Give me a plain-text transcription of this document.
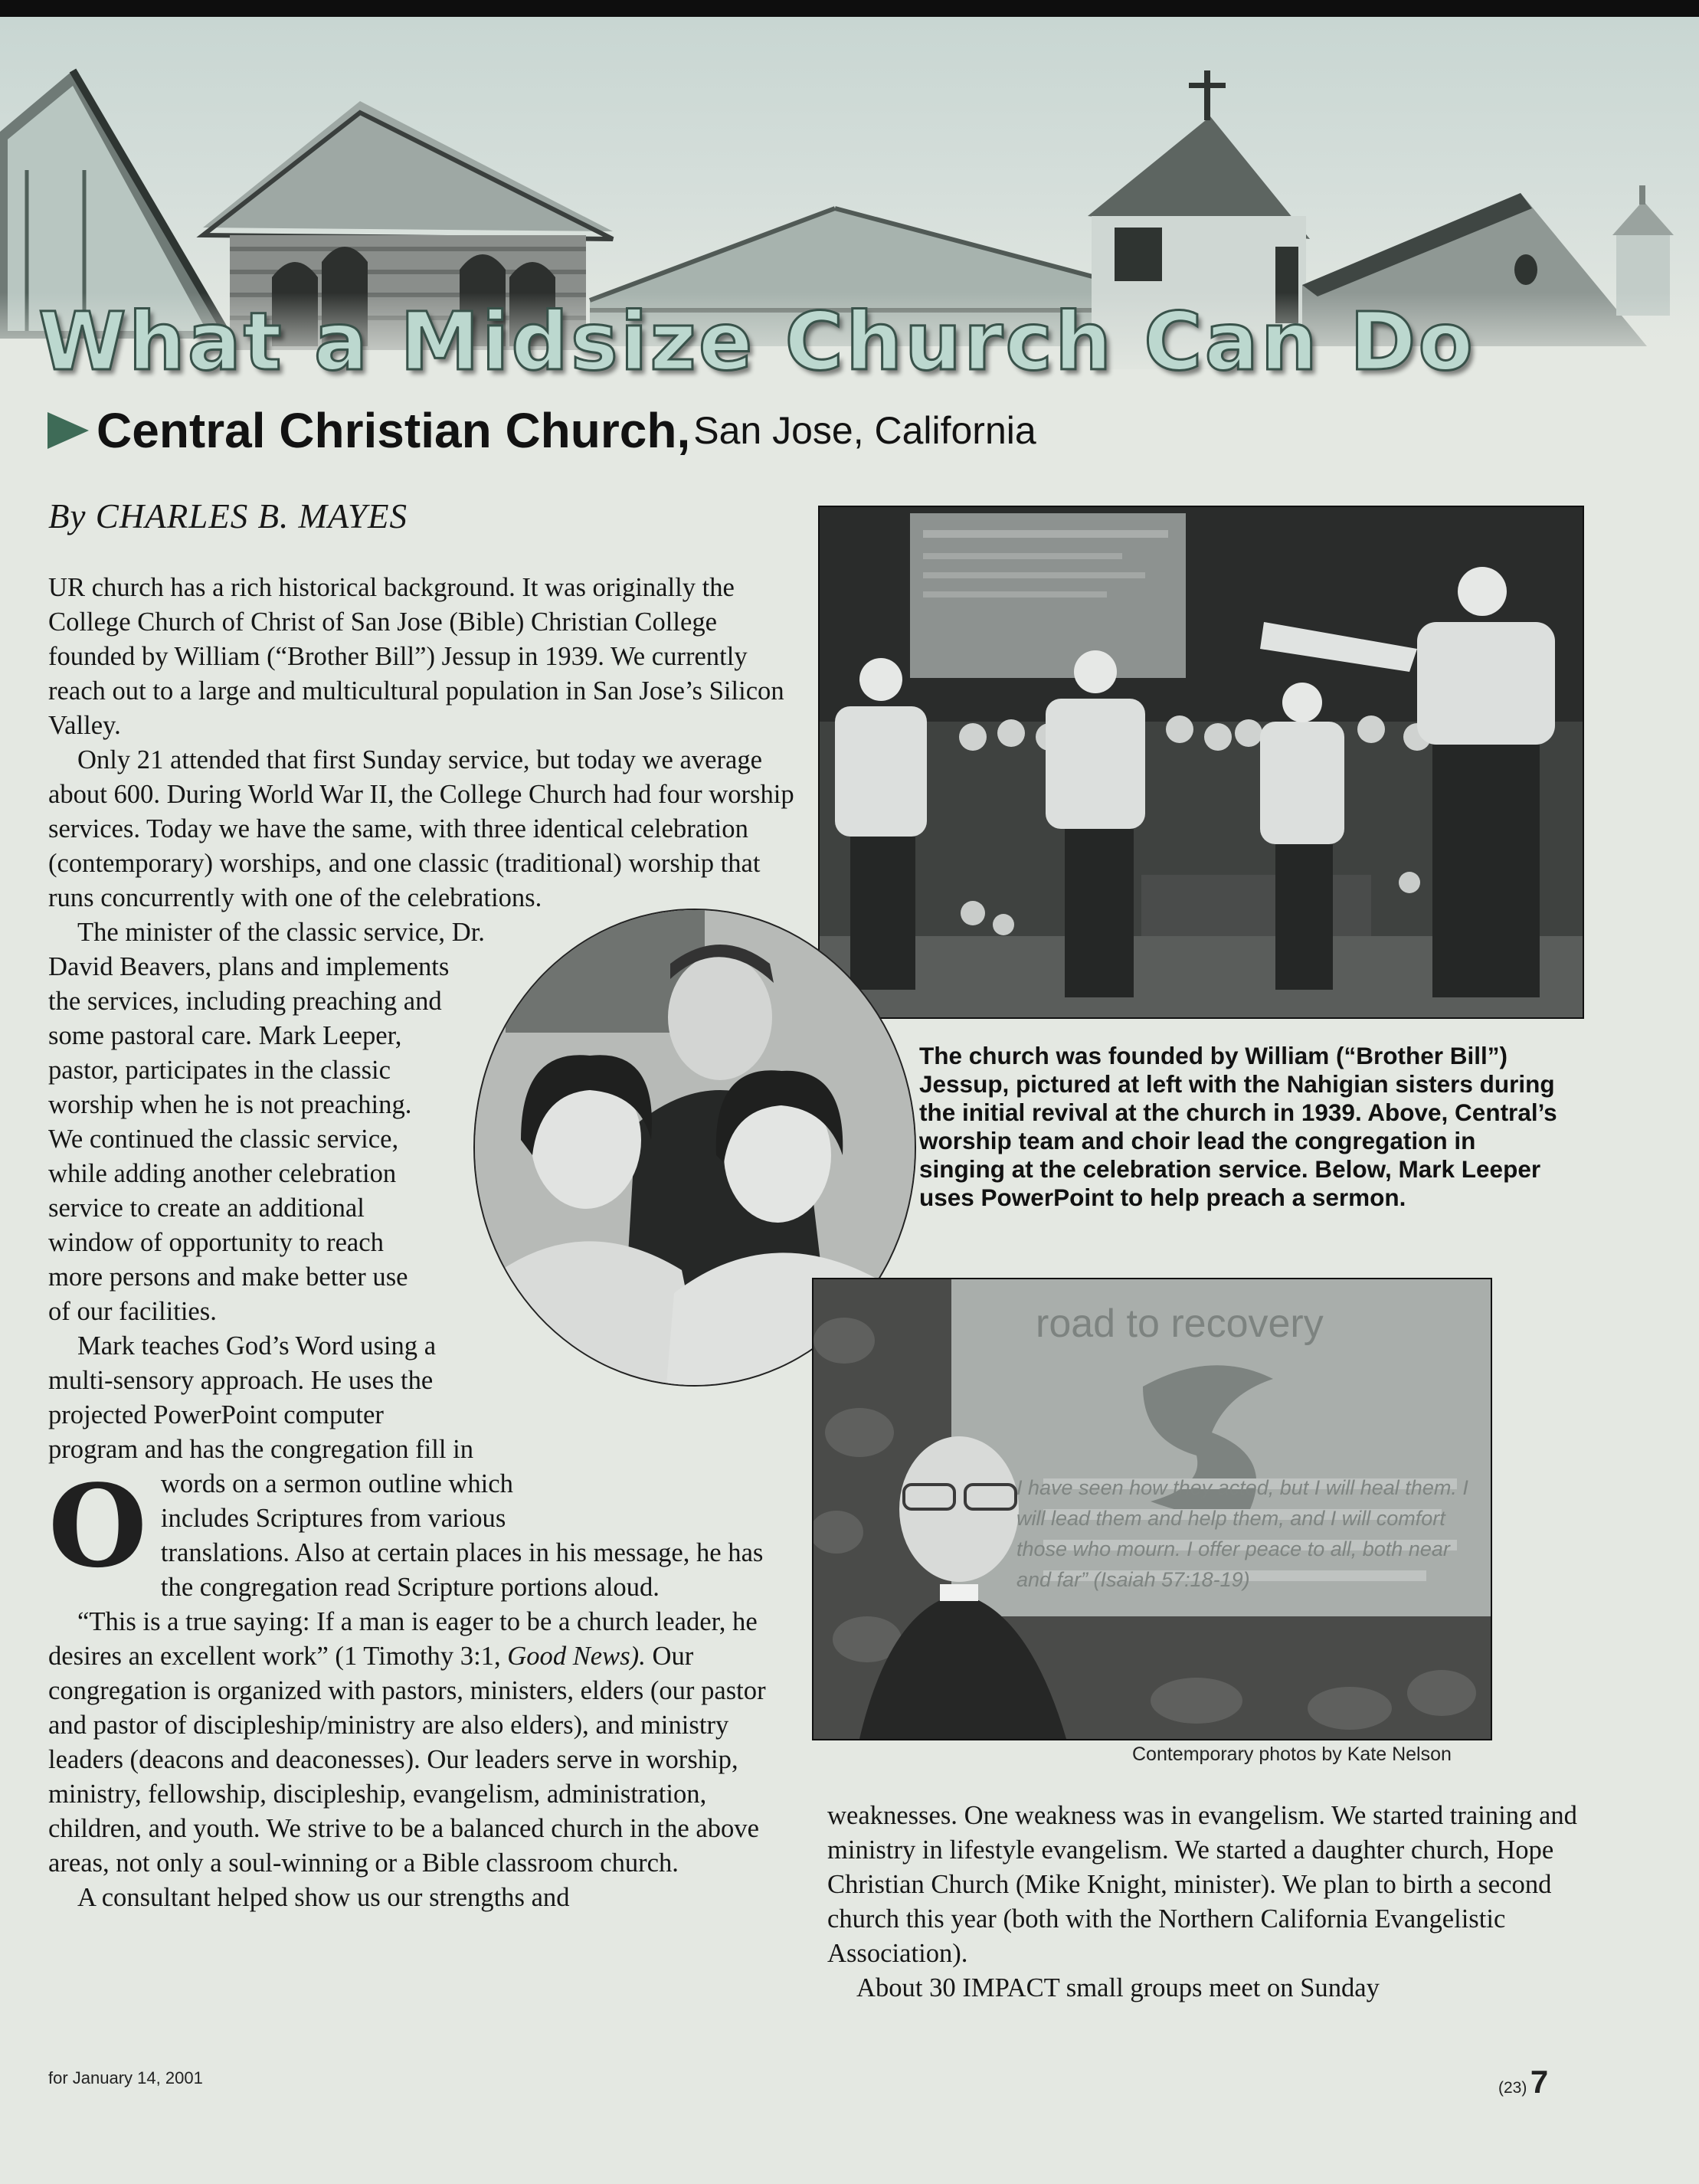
What a Midsize Church Can Do
Central Christian Church, San Jose, California
By CHARLES B. MAYES
The church was founded by William (“Brother Bill”) Jessup, pictured at left with the Nahigian sisters during the initial revival at the church in 1939. Above, Central’s worship team and choir lead the congregation in singing at the celebration service. Below, Mark Leeper uses PowerPoint to help preach a sermon.
road to recovery
I have seen how they acted, but I will heal them. I will lead them and help them, and I will comfort those who mourn. I offer peace to all, both near and far” (Isaiah 57:18-19)
Contemporary photos by Kate Nelson

O
UR church has a rich historical background. It was originally the College Church of Christ of San Jose (Bible) Christian College founded by William (“Brother Bill”) Jessup in 1939. We currently reach out to a large and multicultural population in San Jose’s Silicon Valley.

Only 21 attended that first Sunday service, but today we average about 600. During World War II, the College Church had four worship services. Today we have the same, with three identical celebration (contemporary) worships, and one classic (traditional) worship that runs concurrently with one of the celebrations.

The minister of the classic service, Dr. David Beavers, plans and implements the services, including preaching and some pastoral care. Mark Leeper, pastor, participates in the classic worship when he is not preaching. We continued the classic service, while adding another celebration service to create an additional window of opportunity to reach more persons and make better use of our facilities.

Mark teaches God’s Word using a multi-sensory approach. He uses the projected PowerPoint computer program and has the congregation fill in words on a sermon outline which includes Scriptures from various translations. Also at certain places in his message, he has the congregation read Scripture portions aloud.

“This is a true saying: If a man is eager to be a church leader, he desires an excellent work” (1 Timothy 3:1, Good News). Our congregation is organized with pastors, ministers, elders (our pastor and pastor of discipleship/ministry are also elders), and ministry leaders (deacons and deaconesses). Our leaders serve in worship, ministry, fellowship, discipleship, evangelism, administration, children, and youth. We strive to be a balanced church in the above areas, not only a soul-winning or a Bible classroom church.

A consultant helped show us our strengths and

weaknesses. One weakness was in evangelism. We started training and ministry in lifestyle evangelism. We started a daughter church, Hope Christian Church (Mike Knight, minister). We plan to birth a second church this year (both with the Northern California Evangelistic Association).

About 30 IMPACT small groups meet on Sunday

for January 14, 2001
(23) 7
